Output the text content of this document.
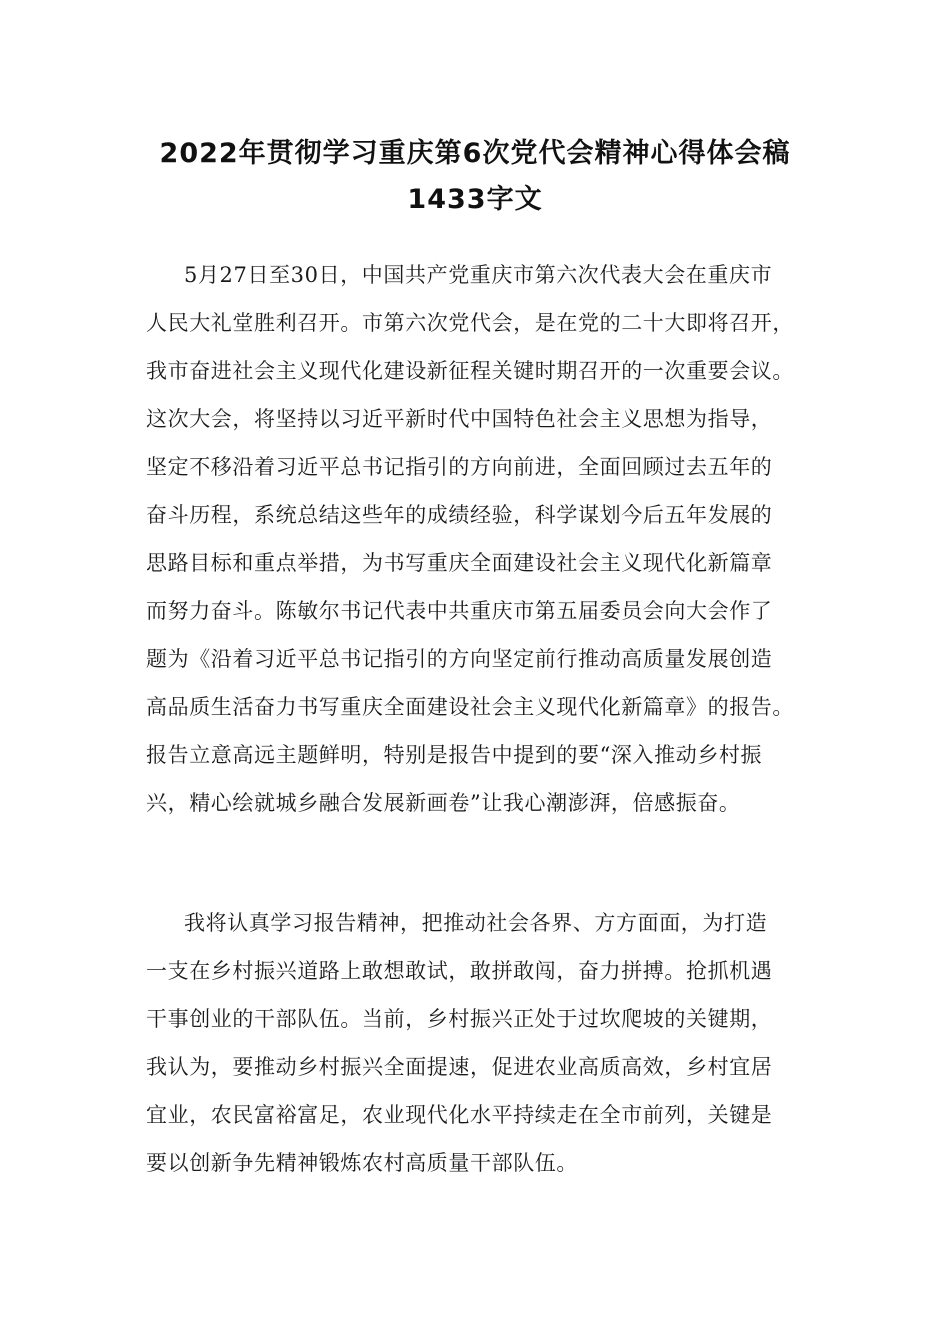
2022年贯彻学习重庆第6次党代会精神心得体会稿
1433字文
5月27日至30日，中国共产党重庆市第六次代表大会在重庆市
人民大礼堂胜利召开。市第六次党代会，是在党的二十大即将召开，
我市奋进社会主义现代化建设新征程关键时期召开的一次重要会议。
这次大会，将坚持以习近平新时代中国特色社会主义思想为指导，
坚定不移沿着习近平总书记指引的方向前进，全面回顾过去五年的
奋斗历程，系统总结这些年的成绩经验，科学谋划今后五年发展的
思路目标和重点举措，为书写重庆全面建设社会主义现代化新篇章
而努力奋斗。陈敏尔书记代表中共重庆市第五届委员会向大会作了
题为《沿着习近平总书记指引的方向坚定前行推动高质量发展创造
高品质生活奋力书写重庆全面建设社会主义现代化新篇章》的报告。
报告立意高远主题鲜明，特别是报告中提到的要“深入推动乡村振
兴，精心绘就城乡融合发展新画卷”让我心潮澎湃，倍感振奋。
我将认真学习报告精神，把推动社会各界、方方面面，为打造
一支在乡村振兴道路上敢想敢试，敢拼敢闯，奋力拼搏。抢抓机遇
干事创业的干部队伍。当前，乡村振兴正处于过坎爬坡的关键期，
我认为，要推动乡村振兴全面提速，促进农业高质高效，乡村宜居
宜业，农民富裕富足，农业现代化水平持续走在全市前列，关键是
要以创新争先精神锻炼农村高质量干部队伍。
